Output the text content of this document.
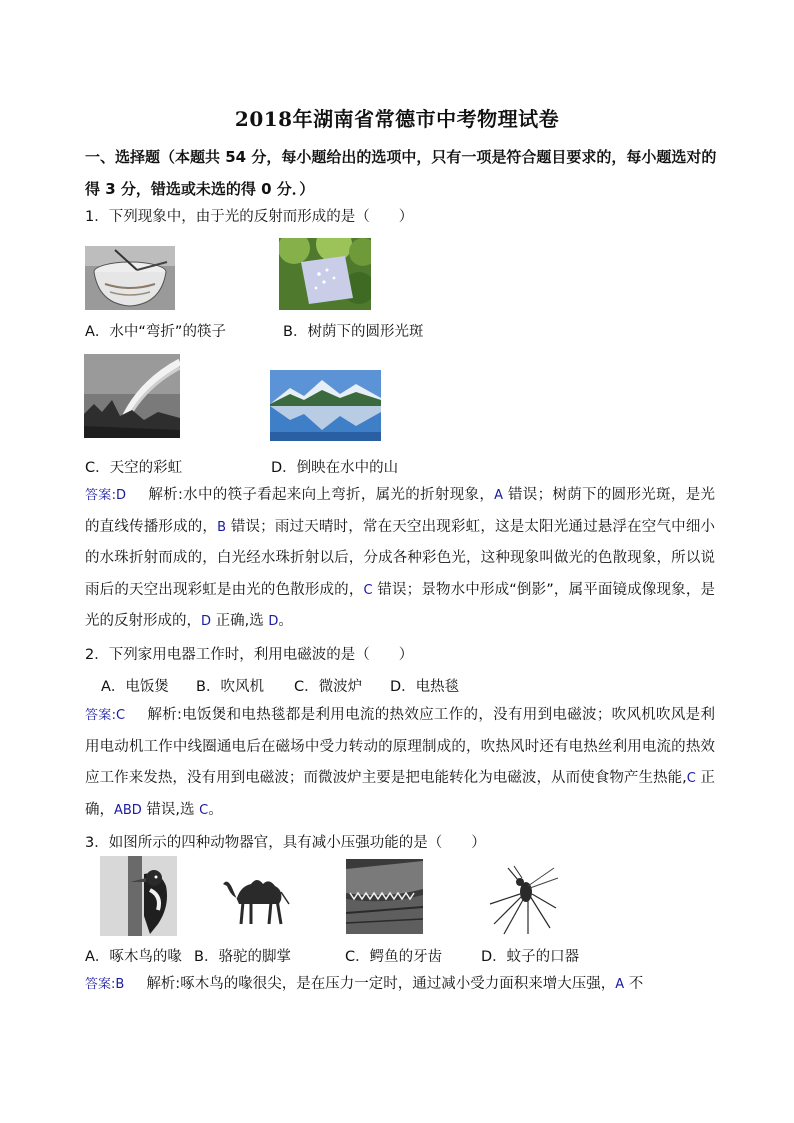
2018年湖南省常德市中考物理试卷
一、选择题（本题共 54 分，每小题给出的选项中，只有一项是符合题目要求的，每小题选对的得 3 分，错选或未选的得 0 分．）
1．下列现象中，由于光的反射而形成的是（　　）
A．水中“弯折”的筷子	B．树荫下的圆形光斑
C．天空的彩虹	D．倒映在水中的山
答案:D 解析:水中的筷子看起来向上弯折，属光的折射现象，A 错误；树荫下的圆形光斑，是光的直线传播形成的，B 错误；雨过天晴时，常在天空出现彩虹，这是太阳光通过悬浮在空气中细小的水珠折射而成的，白光经水珠折射以后，分成各种彩色光，这种现象叫做光的色散现象，所以说雨后的天空出现彩虹是由光的色散形成的，C 错误；景物水中形成“倒影”，属平面镜成像现象，是光的反射形成的，D 正确,选 D。
2．下列家用电器工作时，利用电磁波的是（　　）
A．电饭煲 B．吹风机 C．微波炉 D．电热毯
答案:C 解析:电饭煲和电热毯都是利用电流的热效应工作的，没有用到电磁波；吹风机吹风是利用电动机工作中线圈通电后在磁场中受力转动的原理制成的，吹热风时还有电热丝利用电流的热效应工作来发热，没有用到电磁波；而微波炉主要是把电能转化为电磁波，从而使食物产生热能,C 正确，ABD 错误,选 C。
3．如图所示的四种动物器官，具有减小压强功能的是（　　）
A．啄木鸟的喙 B．骆驼的脚掌	C．鳄鱼的牙齿	D．蚊子的口器
答案:B 解析:啄木鸟的喙很尖，是在压力一定时，通过减小受力面积来增大压强，A 不
